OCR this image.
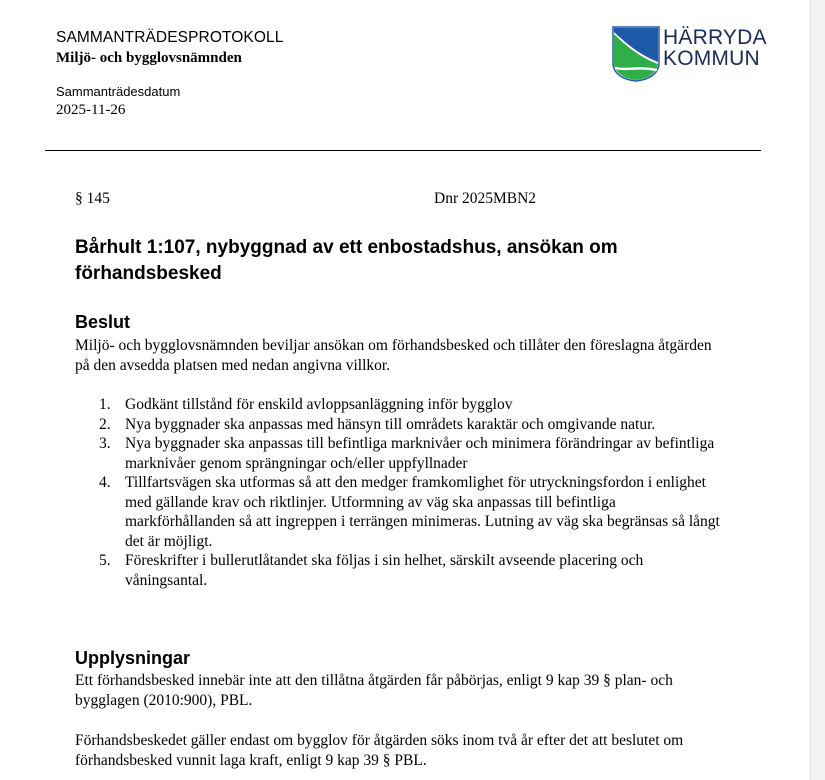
SAMMANTRÄDESPROTOKOLL
Miljö- och bygglovsnämnden
Sammanträdesdatum
2025-11-26
HÄRRYDA
KOMMUN
§ 145	Dnr 2025MBN2
Bårhult 1:107, nybyggnad av ett enbostadshus, ansökan om förhandsbesked
Beslut

Miljö- och bygglovsnämnden beviljar ansökan om förhandsbesked och tillåter den föreslagna åtgärden på den avsedda platsen med nedan angivna villkor.

1. Godkänt tillstånd för enskild avloppsanläggning inför bygglov
2. Nya byggnader ska anpassas med hänsyn till områdets karaktär och omgivande natur.
3. Nya byggnader ska anpassas till befintliga marknivåer och minimera förändringar av befintliga marknivåer genom sprängningar och/eller uppfyllnader
4. Tillfartsvägen ska utformas så att den medger framkomlighet för utryckningsfordon i enlighet med gällande krav och riktlinjer. Utformning av väg ska anpassas till befintliga markförhållanden så att ingreppen i terrängen minimeras. Lutning av väg ska begränsas så långt det är möjligt.
5. Föreskrifter i bullerutlåtandet ska följas i sin helhet, särskilt avseende placering och våningsantal.
Upplysningar

Ett förhandsbesked innebär inte att den tillåtna åtgärden får påbörjas, enligt 9 kap 39 § plan- och bygglagen (2010:900), PBL.

Förhandsbeskedet gäller endast om bygglov för åtgärden söks inom två år efter det att beslutet om förhandsbesked vunnit laga kraft, enligt 9 kap 39 § PBL.
